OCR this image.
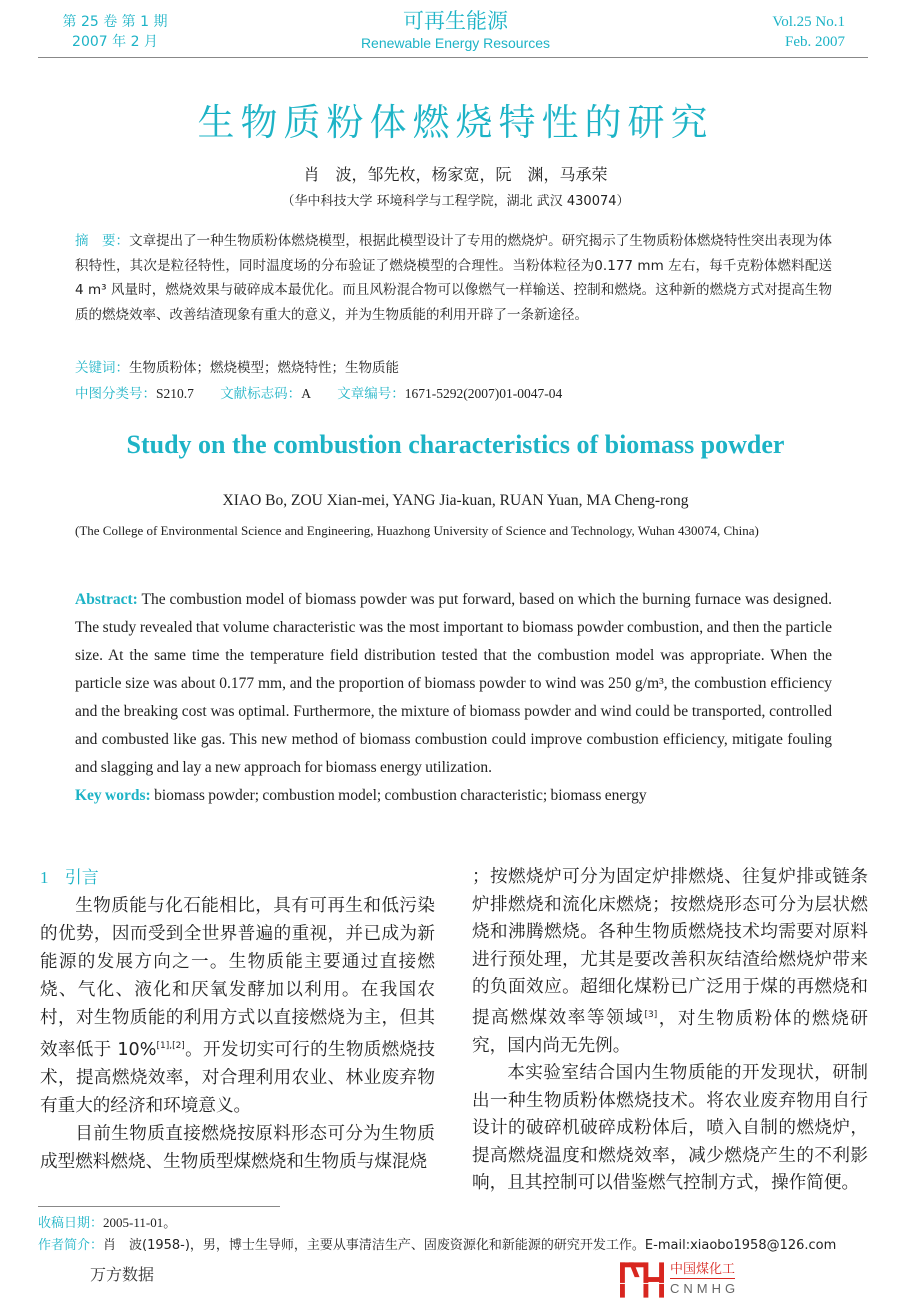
第 25 卷 第 1 期
2007 年 2 月
可再生能源
Renewable Energy Resources
Vol.25 No.1
Feb. 2007
生物质粉体燃烧特性的研究
肖　波，邹先枚，杨家宽，阮　渊，马承荣
（华中科技大学 环境科学与工程学院，湖北 武汉 430074）
摘　要：文章提出了一种生物质粉体燃烧模型，根据此模型设计了专用的燃烧炉。研究揭示了生物质粉体燃烧特性突出表现为体积特性，其次是粒径特性，同时温度场的分布验证了燃烧模型的合理性。当粉体粒径为0.177 mm 左右，每千克粉体燃料配送 4 m³ 风量时，燃烧效果与破碎成本最优化。而且风粉混合物可以像燃气一样输送、控制和燃烧。这种新的燃烧方式对提高生物质的燃烧效率、改善结渣现象有重大的意义，并为生物质能的利用开辟了一条新途径。
关键词：生物质粉体；燃烧模型；燃烧特性；生物质能
中图分类号：S210.7 文献标志码：A 文章编号：1671-5292(2007)01-0047-04
Study on the combustion characteristics of biomass powder
XIAO Bo, ZOU Xian-mei, YANG Jia-kuan, RUAN Yuan, MA Cheng-rong
(The College of Environmental Science and Engineering, Huazhong University of Science and Technology, Wuhan 430074, China)
Abstract: The combustion model of biomass powder was put forward, based on which the burning furnace was designed. The study revealed that volume characteristic was the most important to biomass powder combustion, and then the particle size. At the same time the temperature field distribution tested that the combustion model was appropriate. When the particle size was about 0.177 mm, and the proportion of biomass powder to wind was 250 g/m³, the combustion efficiency and the breaking cost was optimal. Furthermore, the mixture of biomass powder and wind could be transported, controlled and combusted like gas. This new method of biomass combustion could improve combustion efficiency, mitigate fouling and slagging and lay a new approach for biomass energy utilization.
Key words: biomass powder; combustion model; combustion characteristic; biomass energy
1 引言

生物质能与化石能相比，具有可再生和低污染的优势，因而受到全世界普遍的重视，并已成为新能源的发展方向之一。生物质能主要通过直接燃烧、气化、液化和厌氧发酵加以利用。在我国农村，对生物质能的利用方式以直接燃烧为主，但其效率低于 10%[1],[2]。开发切实可行的生物质燃烧技术，提高燃烧效率，对合理利用农业、林业废弃物有重大的经济和环境意义。

目前生物质直接燃烧按原料形态可分为生物质成型燃料燃烧、生物质型煤燃烧和生物质与煤混烧

；按燃烧炉可分为固定炉排燃烧、往复炉排或链条炉排燃烧和流化床燃烧；按燃烧形态可分为层状燃烧和沸腾燃烧。各种生物质燃烧技术均需要对原料进行预处理，尤其是要改善积灰结渣给燃烧炉带来的负面效应。超细化煤粉已广泛用于煤的再燃烧和提高燃煤效率等领域[3]，对生物质粉体的燃烧研究，国内尚无先例。

本实验室结合国内生物质能的开发现状，研制出一种生物质粉体燃烧技术。将农业废弃物用自行设计的破碎机破碎成粉体后，喷入自制的燃烧炉，提高燃烧温度和燃烧效率，减少燃烧产生的不利影响，且其控制可以借鉴燃气控制方式，操作简便。

收稿日期：2005-11-01。
作者简介：肖　波(1958-)，男，博士生导师，主要从事清洁生产、固废资源化和新能源的研究开发工作。E-mail:xiaobo1958@126.com
万方数据	中国煤化工
CNMHG
